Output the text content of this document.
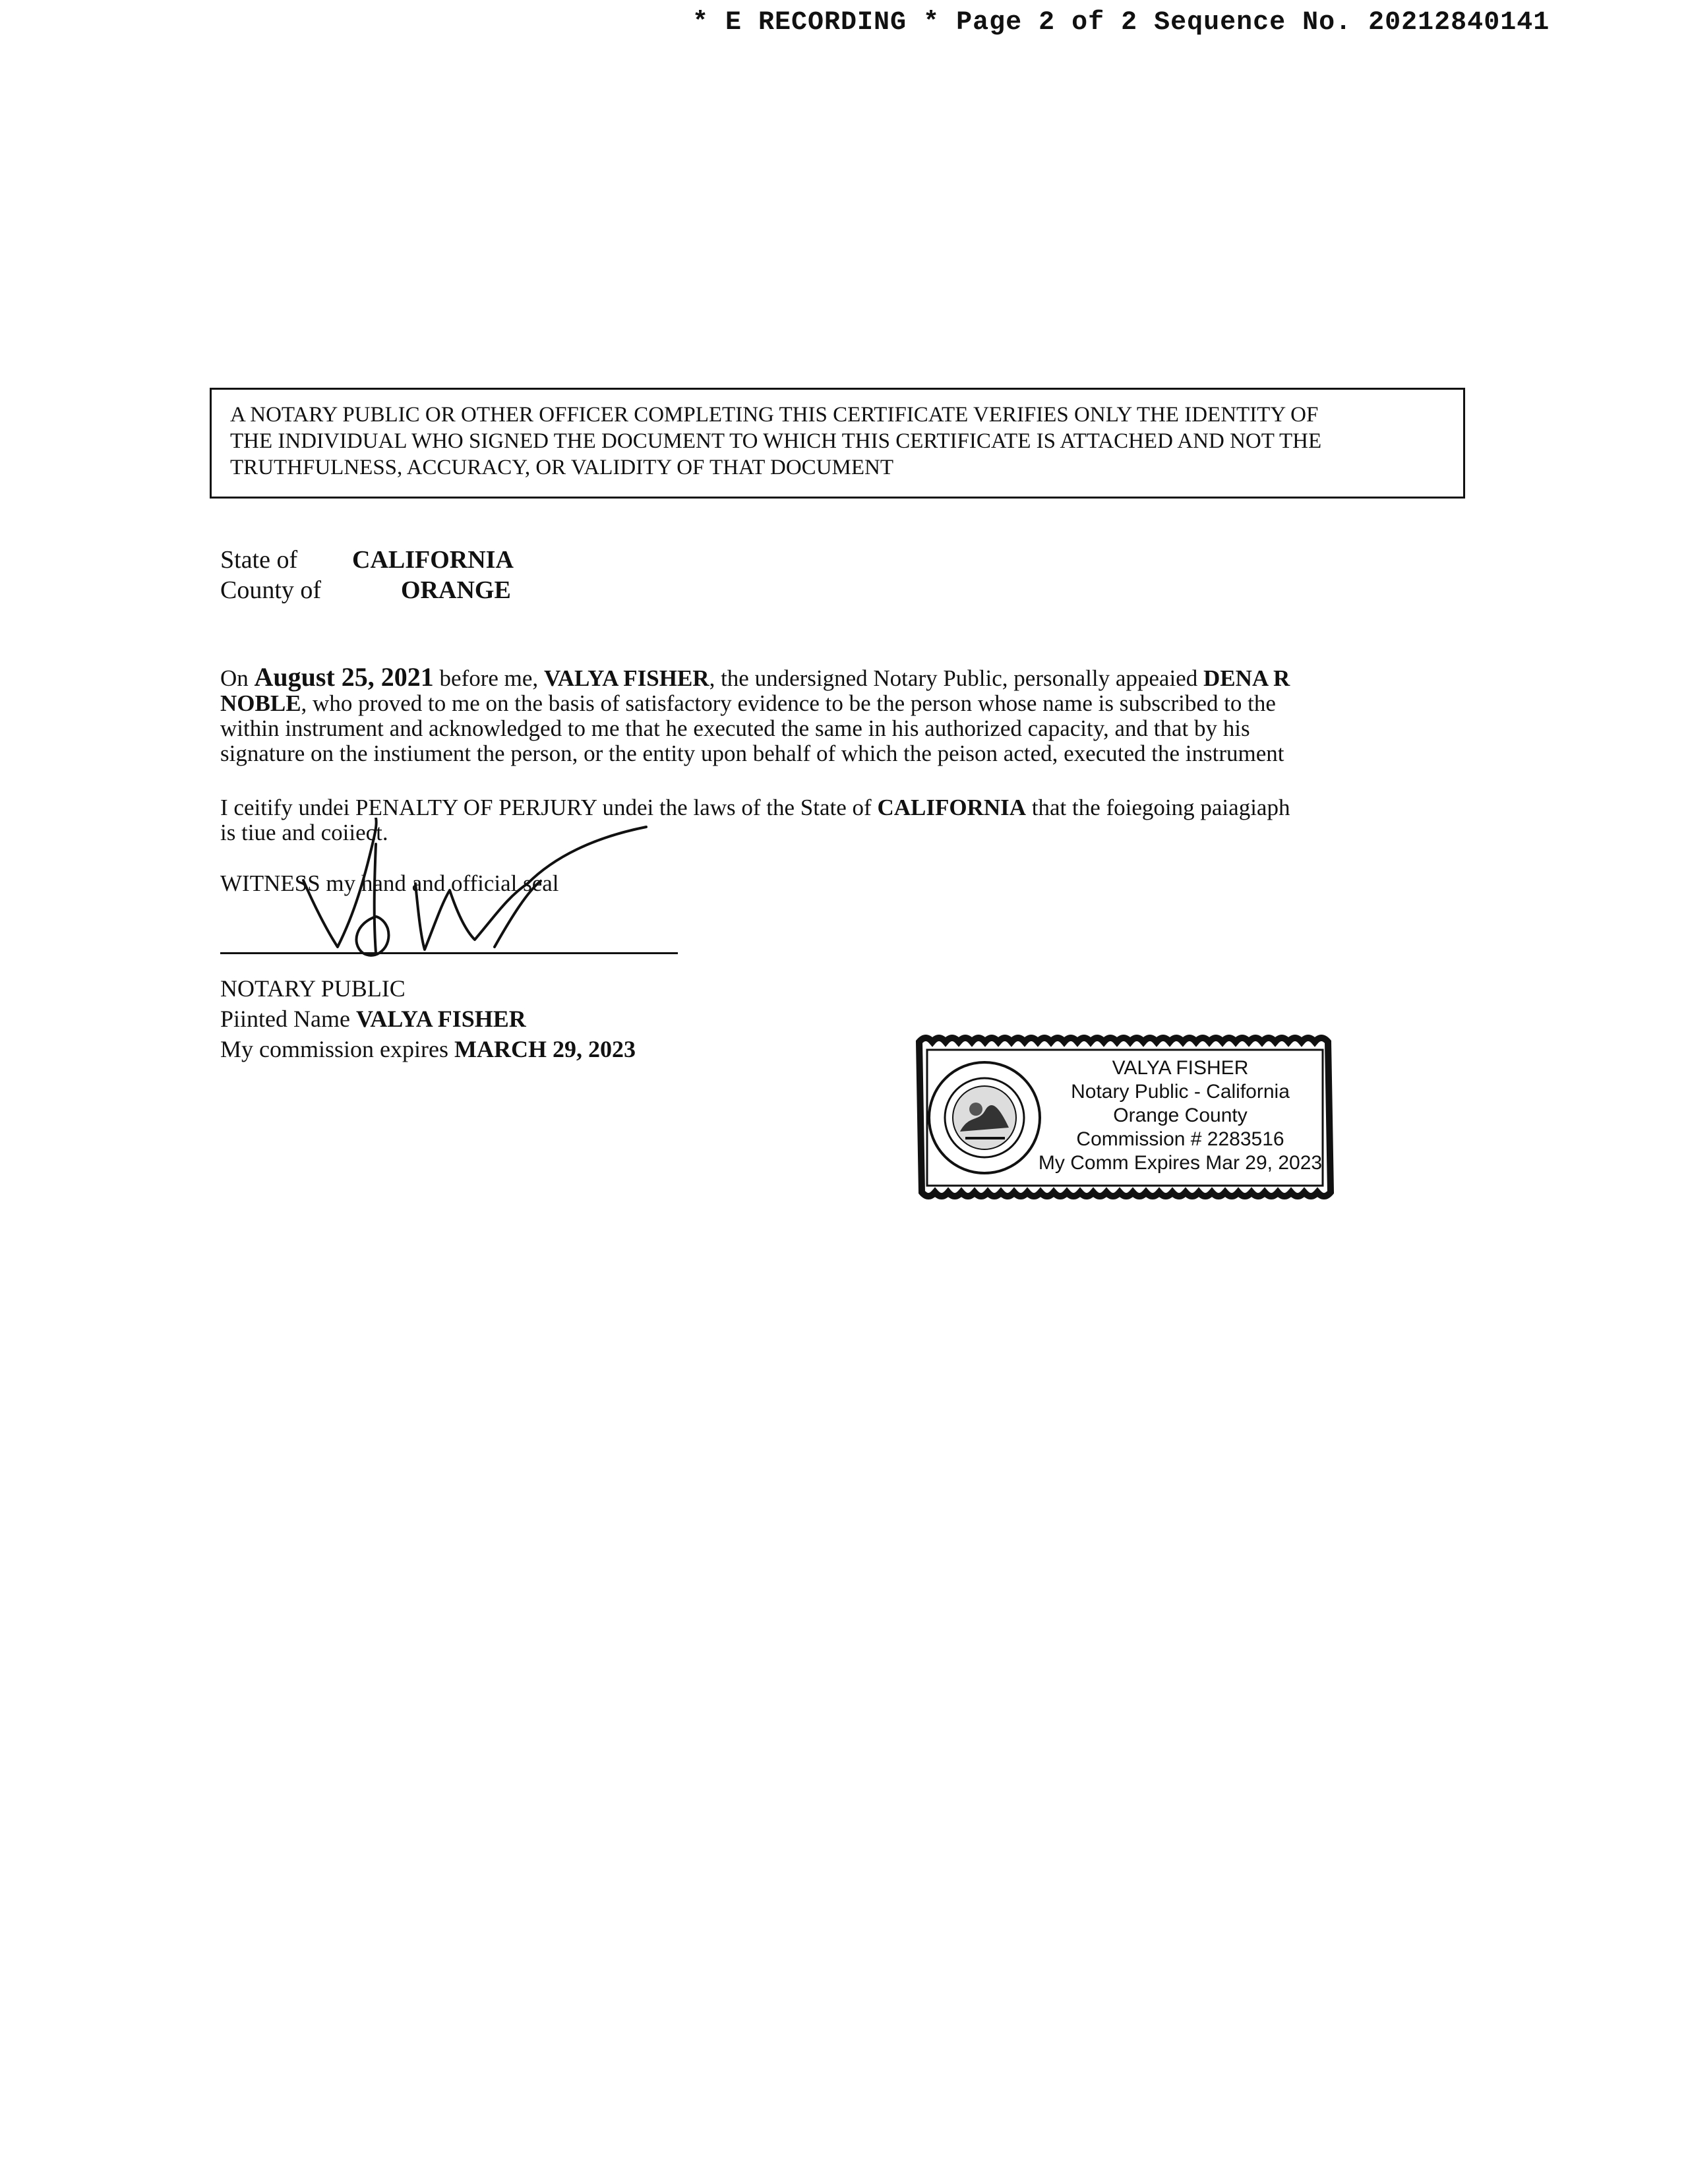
* E RECORDING * Page 2 of 2 Sequence No. 20212840141
A NOTARY PUBLIC OR OTHER OFFICER COMPLETING THIS CERTIFICATE VERIFIES ONLY THE IDENTITY OF
THE INDIVIDUAL WHO SIGNED THE DOCUMENT TO WHICH THIS CERTIFICATE IS ATTACHED AND NOT THE
TRUTHFULNESS, ACCURACY, OR VALIDITY OF THAT DOCUMENT
State of	CALIFORNIA
County of	ORANGE
On August 25, 2021 before me, VALYA FISHER, the undersigned Notary Public, personally appeaied DENA R
NOBLE, who proved to me on the basis of satisfactory evidence to be the person whose name is subscribed to the
within instrument and acknowledged to me that he executed the same in his authorized capacity, and that by his
signature on the instiument the person, or the entity upon behalf of which the peison acted, executed the instrument
I ceitify undei PENALTY OF PERJURY undei the laws of the State of CALIFORNIA that the foiegoing paiagiaph
is tiue and coiiect.
WITNESS my hand and official seal
NOTARY PUBLIC
Piinted Name VALYA FISHER
My commission expires MARCH 29, 2023
VALYA FISHER
Notary Public - California
Orange County
Commission # 2283516
My Comm Expires Mar 29, 2023
